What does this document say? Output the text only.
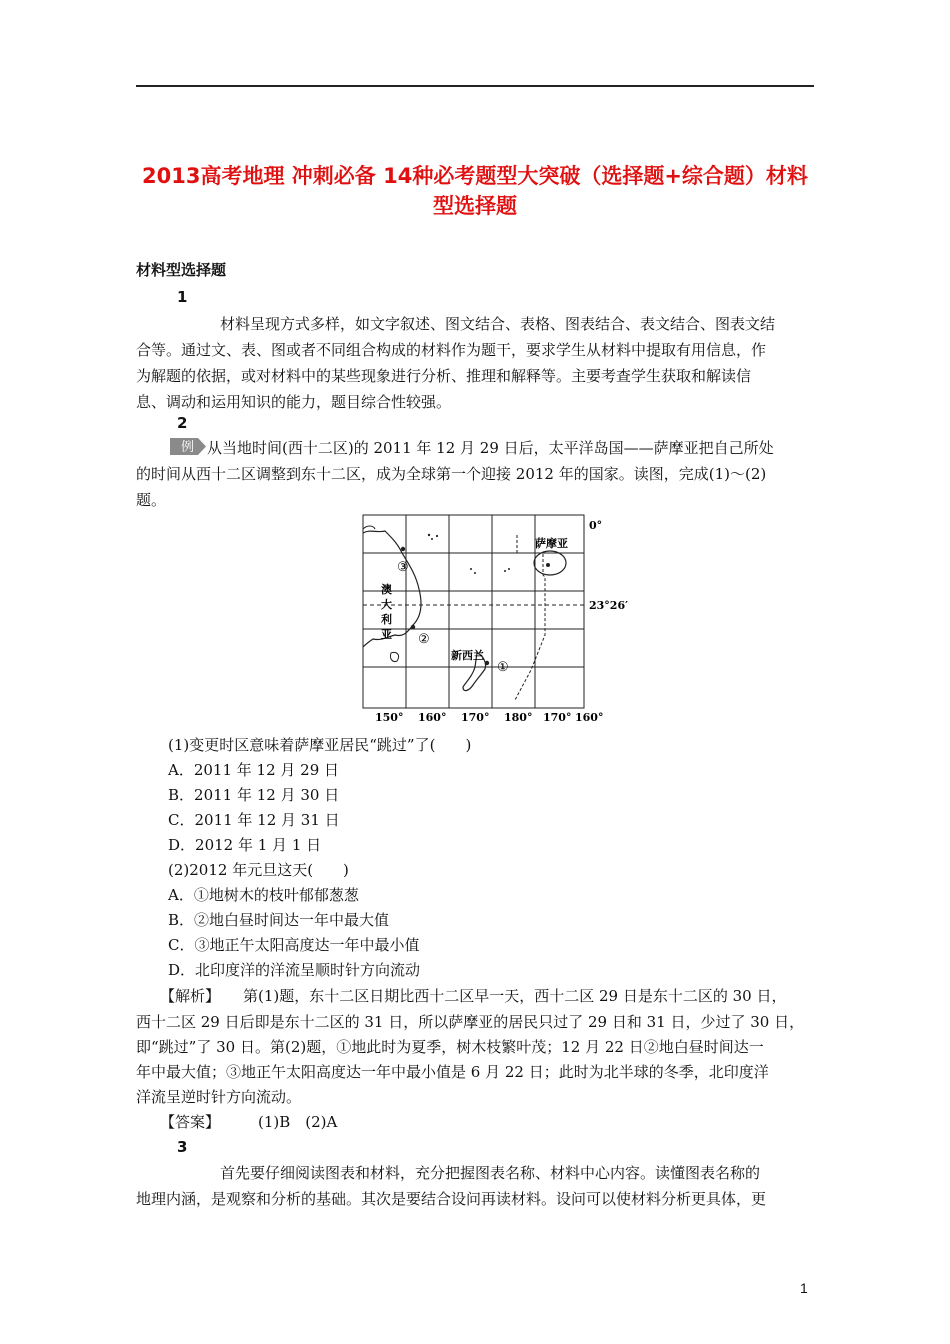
2013高考地理 冲刺必备 14种必考题型大突破（选择题+综合题）材料
型选择题
材料型选择题
1
材料呈现方式多样，如文字叙述、图文结合、表格、图表结合、表文结合、图表文结
合等。通过文、表、图或者不同组合构成的材料作为题干，要求学生从材料中提取有用信息，作
为解题的依据，或对材料中的某些现象进行分析、推理和解释等。主要考查学生获取和解读信
息、调动和运用知识的能力，题目综合性较强。
2
例 从当地时间(西十二区)的 2011 年 12 月 29 日后，太平洋岛国——萨摩亚把自己所处
的时间从西十二区调整到东十二区，成为全球第一个迎接 2012 年的国家。读图，完成(1)～(2)
题。
0°
23°26′
萨摩亚
澳
大
利
亚
新西兰
①
②
③
150° 160° 170° 180° 170° 160°
(1)变更时区意味着萨摩亚居民“跳过”了(　　)
A．2011 年 12 月 29 日
B．2011 年 12 月 30 日
C．2011 年 12 月 31 日
D．2012 年 1 月 1 日
(2)2012 年元旦这天(　　)
A．①地树木的枝叶郁郁葱葱
B．②地白昼时间达一年中最大值
C．③地正午太阳高度达一年中最小值
D．北印度洋的洋流呈顺时针方向流动
【解析】 第(1)题，东十二区日期比西十二区早一天，西十二区 29 日是东十二区的 30 日，
西十二区 29 日后即是东十二区的 31 日，所以萨摩亚的居民只过了 29 日和 31 日，少过了 30 日，
即“跳过”了 30 日。第(2)题，①地此时为夏季，树木枝繁叶茂；12 月 22 日②地白昼时间达一
年中最大值；③地正午太阳高度达一年中最小值是 6 月 22 日；此时为北半球的冬季，北印度洋
洋流呈逆时针方向流动。
【答案】	(1)B　(2)A
3
首先要仔细阅读图表和材料，充分把握图表名称、材料中心内容。读懂图表名称的
地理内涵，是观察和分析的基础。其次是要结合设问再读材料。设问可以使材料分析更具体，更
1
